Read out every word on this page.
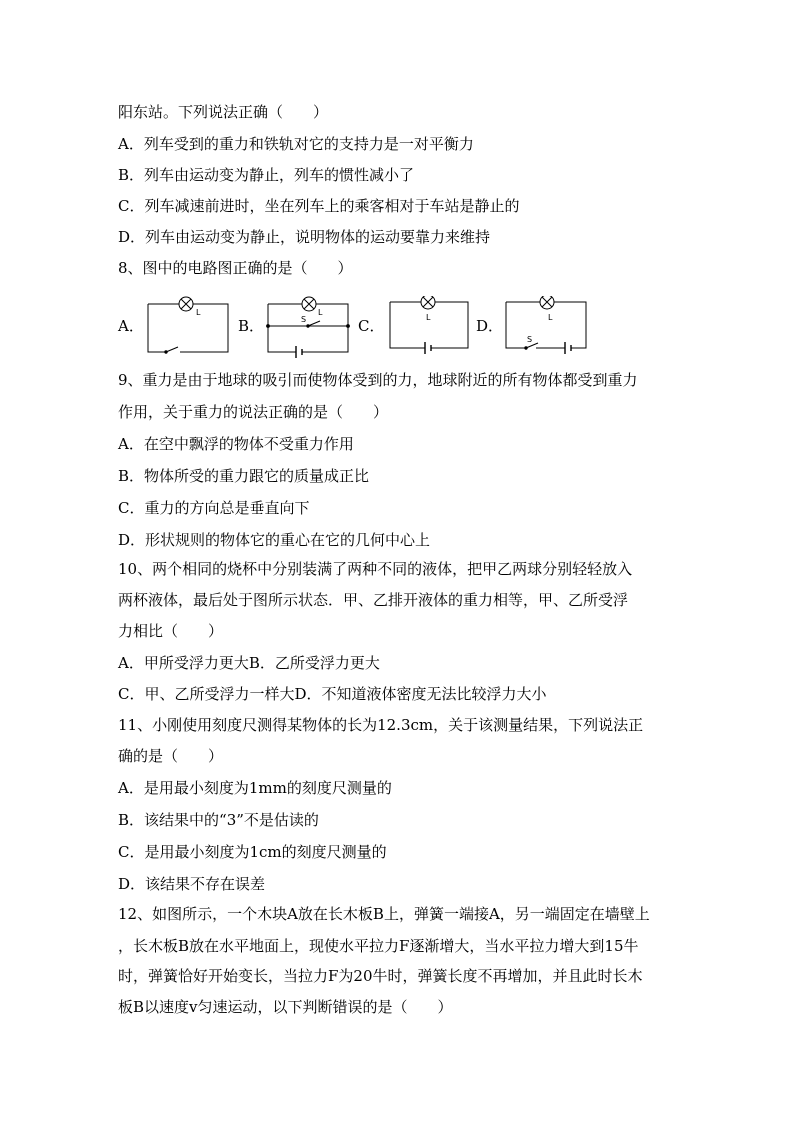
阳东站。下列说法正确（　　）
A．列车受到的重力和铁轨对它的支持力是一对平衡力
B．列车由运动变为静止，列车的惯性减小了
C．列车减速前进时，坐在列车上的乘客相对于车站是静止的
D．列车由运动变为静止，说明物体的运动要靠力来维持
8、图中的电路图正确的是（　　）
A．	B．	C．	D．
L	L
S	L	L
S
9、重力是由于地球的吸引而使物体受到的力，地球附近的所有物体都受到重力
作用，关于重力的说法正确的是（　　）
A．在空中飘浮的物体不受重力作用
B．物体所受的重力跟它的质量成正比
C．重力的方向总是垂直向下
D．形状规则的物体它的重心在它的几何中心上
10、两个相同的烧杯中分别装满了两种不同的液体，把甲乙两球分别轻轻放入
两杯液体，最后处于图所示状态．甲、乙排开液体的重力相等，甲、乙所受浮
力相比（　　）
A．甲所受浮力更大B．乙所受浮力更大
C．甲、乙所受浮力一样大D．不知道液体密度无法比较浮力大小
11、小刚使用刻度尺测得某物体的长为12.3cm，关于该测量结果，下列说法正
确的是（　　）
A．是用最小刻度为1mm的刻度尺测量的
B．该结果中的“3”不是估读的
C．是用最小刻度为1cm的刻度尺测量的
D．该结果不存在误差
12、如图所示，一个木块A放在长木板B上，弹簧一端接A，另一端固定在墙壁上
，长木板B放在水平地面上，现使水平拉力F逐渐增大，当水平拉力增大到15牛
时，弹簧恰好开始变长，当拉力F为20牛时，弹簧长度不再增加，并且此时长木
板B以速度v匀速运动，以下判断错误的是（　　）
